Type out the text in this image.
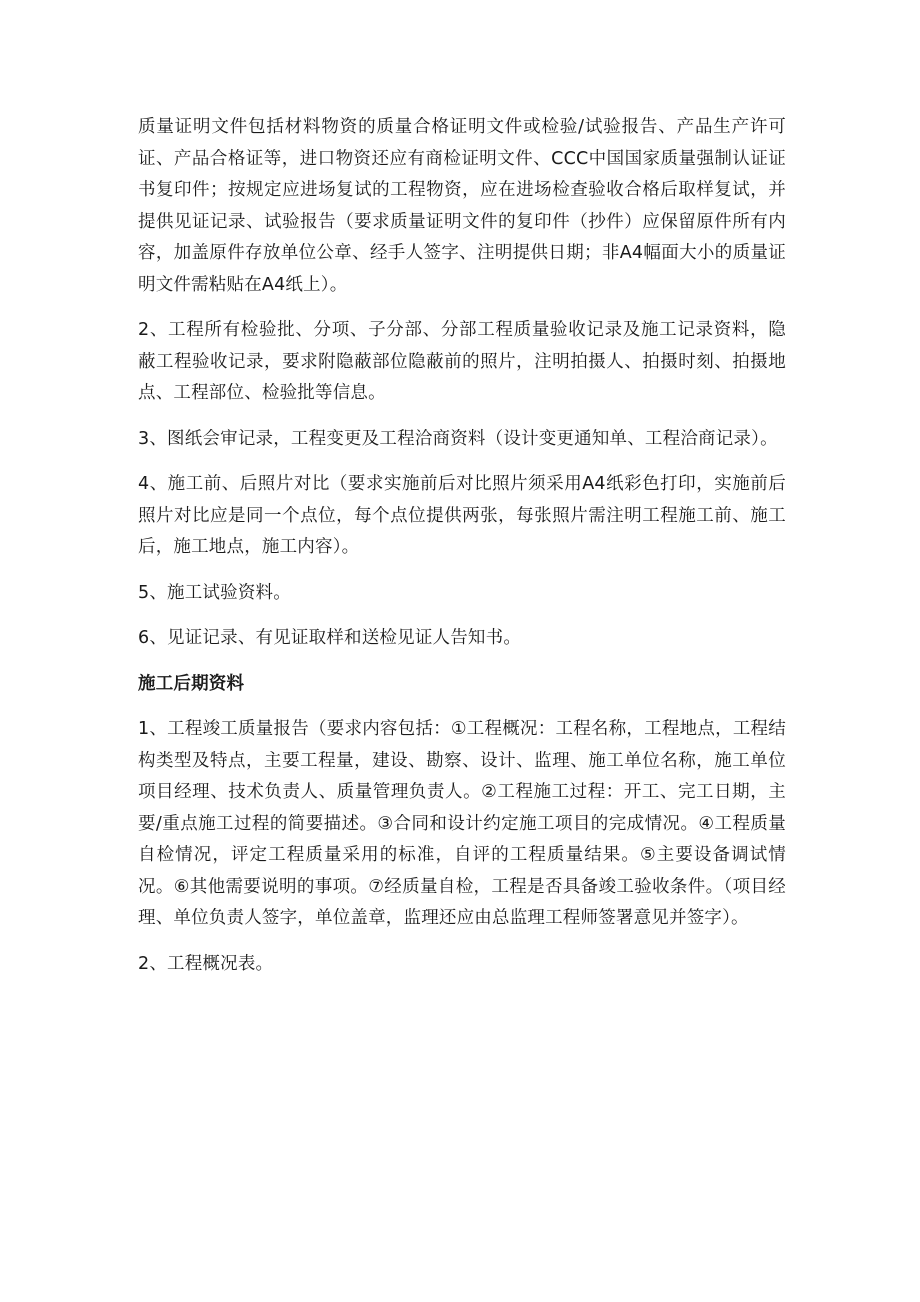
质量证明文件包括材料物资的质量合格证明文件或检验/试验报告、产品生产许可证、产品合格证等，进口物资还应有商检证明文件、CCC中国国家质量强制认证证书复印件；按规定应进场复试的工程物资，应在进场检查验收合格后取样复试，并提供见证记录、试验报告（要求质量证明文件的复印件（抄件）应保留原件所有内容，加盖原件存放单位公章、经手人签字、注明提供日期；非A4幅面大小的质量证明文件需粘贴在A4纸上）。

2、工程所有检验批、分项、子分部、分部工程质量验收记录及施工记录资料，隐蔽工程验收记录，要求附隐蔽部位隐蔽前的照片，注明拍摄人、拍摄时刻、拍摄地点、工程部位、检验批等信息。

3、图纸会审记录，工程变更及工程洽商资料（设计变更通知单、工程洽商记录）。

4、施工前、后照片对比（要求实施前后对比照片须采用A4纸彩色打印，实施前后照片对比应是同一个点位，每个点位提供两张，每张照片需注明工程施工前、施工后，施工地点，施工内容）。

5、施工试验资料。

6、见证记录、有见证取样和送检见证人告知书。

施工后期资料

1、工程竣工质量报告（要求内容包括：①工程概况：工程名称，工程地点，工程结构类型及特点，主要工程量，建设、勘察、设计、监理、施工单位名称，施工单位项目经理、技术负责人、质量管理负责人。②工程施工过程：开工、完工日期，主要/重点施工过程的简要描述。③合同和设计约定施工项目的完成情况。④工程质量自检情况，评定工程质量采用的标准，自评的工程质量结果。⑤主要设备调试情况。⑥其他需要说明的事项。⑦经质量自检，工程是否具备竣工验收条件。（项目经理、单位负责人签字，单位盖章，监理还应由总监理工程师签署意见并签字）。

2、工程概况表。
